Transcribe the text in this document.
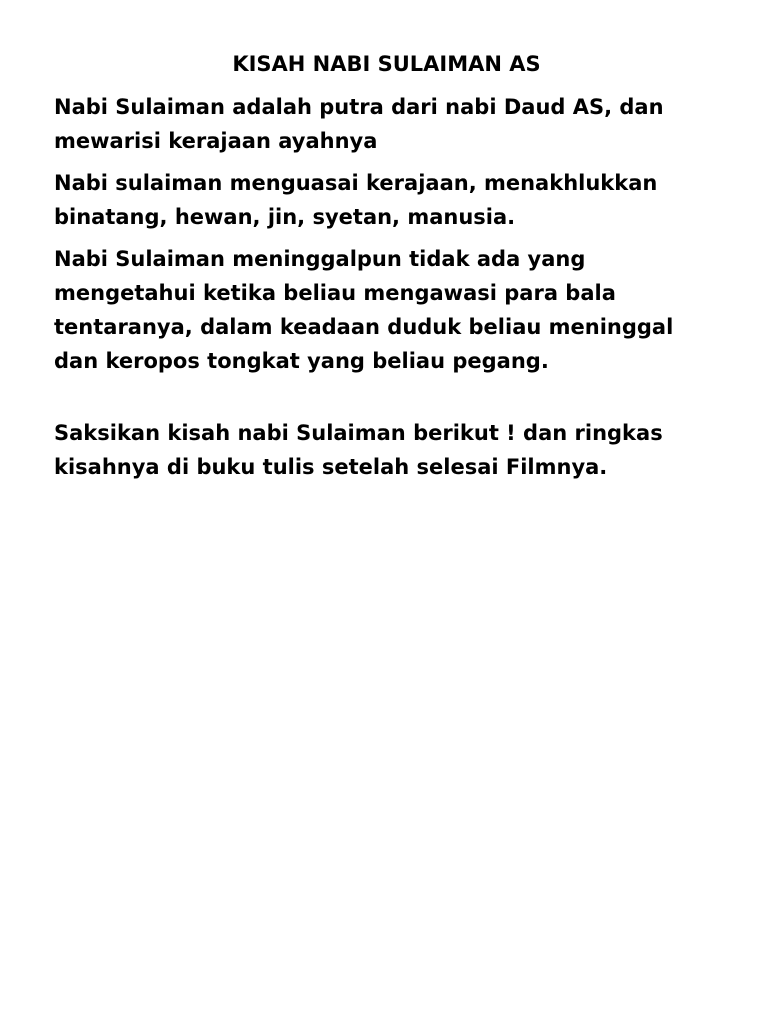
KISAH NABI SULAIMAN AS

Nabi Sulaiman adalah putra dari nabi Daud AS, dan mewarisi kerajaan ayahnya

Nabi sulaiman menguasai kerajaan, menakhlukkan binatang, hewan, jin, syetan, manusia.

Nabi Sulaiman meninggalpun tidak ada yang mengetahui ketika beliau mengawasi para bala tentaranya, dalam keadaan duduk beliau meninggal dan keropos tongkat yang beliau pegang.

Saksikan kisah nabi Sulaiman berikut ! dan ringkas kisahnya di buku tulis setelah selesai Filmnya.
